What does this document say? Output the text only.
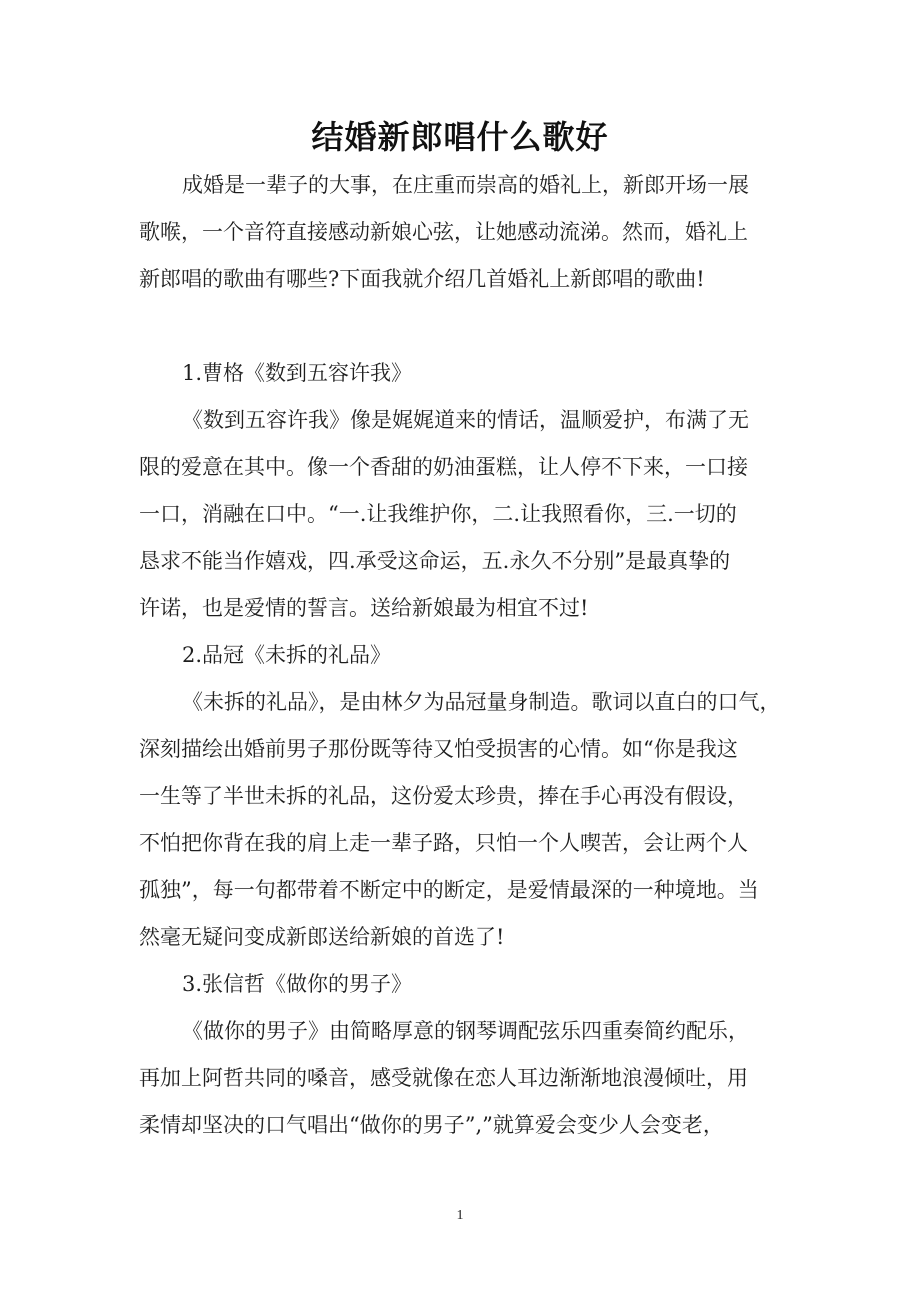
结婚新郎唱什么歌好
成婚是一辈子的大事，在庄重而崇高的婚礼上，新郎开场一展
歌喉，一个音符直接感动新娘心弦，让她感动流涕。然而，婚礼上
新郎唱的歌曲有哪些?下面我就介绍几首婚礼上新郎唱的歌曲!
1.曹格《数到五容许我》
《数到五容许我》像是娓娓道来的情话，温顺爱护，布满了无
限的爱意在其中。像一个香甜的奶油蛋糕，让人停不下来，一口接
一口，消融在口中。“一.让我维护你，二.让我照看你，三.一切的
恳求不能当作嬉戏，四.承受这命运，五.永久不分别”是最真挚的
许诺，也是爱情的誓言。送给新娘最为相宜不过!
2.品冠《未拆的礼品》
《未拆的礼品》，是由林夕为品冠量身制造。歌词以直白的口气，
深刻描绘出婚前男子那份既等待又怕受损害的心情。如“你是我这
一生等了半世未拆的礼品，这份爱太珍贵，捧在手心再没有假设，
不怕把你背在我的肩上走一辈子路，只怕一个人喫苦，会让两个人
孤独”，每一句都带着不断定中的断定，是爱情最深的一种境地。当
然毫无疑问变成新郎送给新娘的首选了!
3.张信哲《做你的男子》
《做你的男子》由简略厚意的钢琴调配弦乐四重奏简约配乐，
再加上阿哲共同的嗓音，感受就像在恋人耳边渐渐地浪漫倾吐，用
柔情却坚决的口气唱出“做你的男子”,”就算爱会变少人会变老，
1
